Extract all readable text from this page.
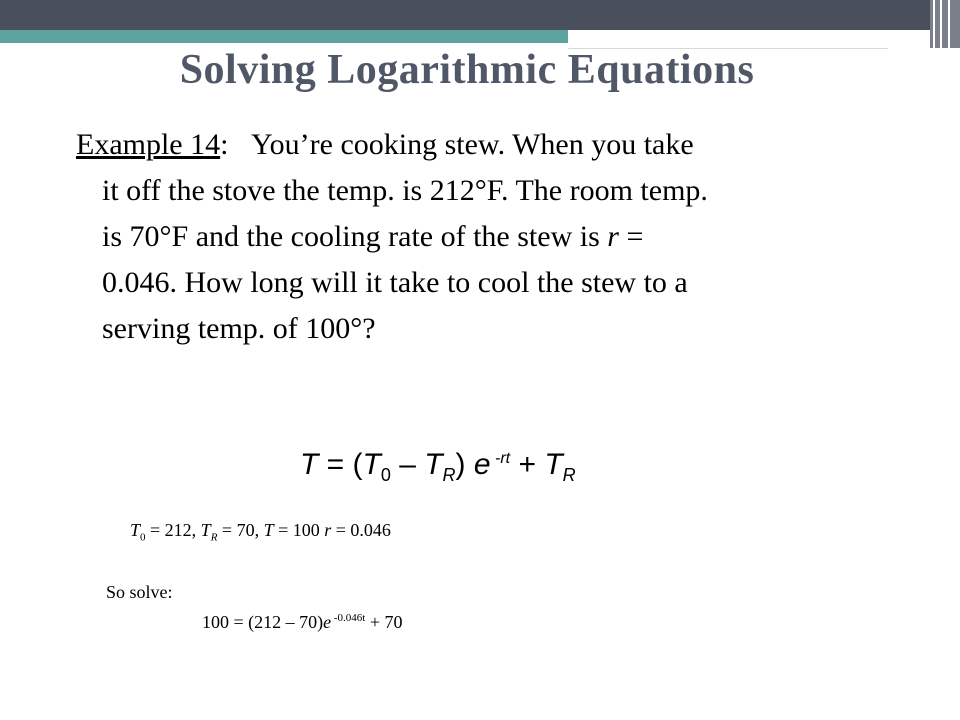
Solving Logarithmic Equations
Example 14: You’re cooking stew. When you take
it off the stove the temp. is 212°F. The room temp.
is 70°F and the cooling rate of the stew is r =
0.046. How long will it take to cool the stew to a
serving temp. of 100°?
$T = (T_0 - T_R)$ e $^{-rt} + T_R$
$T_0 = 212$, $T_R = 70$, T = 100 r = 0.046
So solve:
100 = (212 – 70)e $^{-0.046t}$ + 70
